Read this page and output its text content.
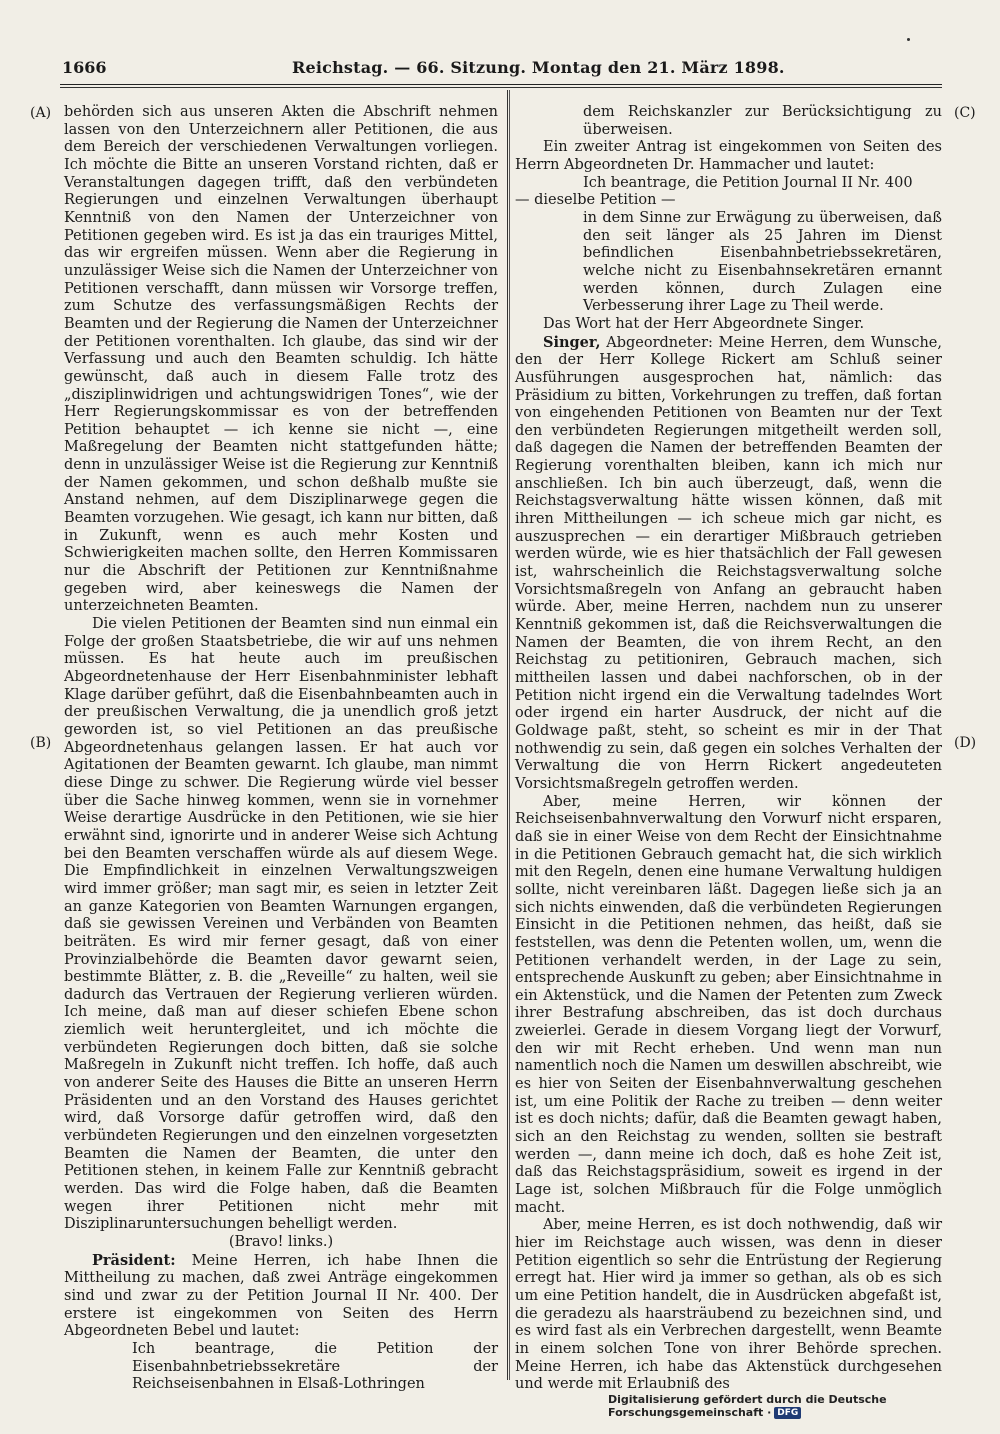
1666	Reichstag. — 66. Sitzung. Montag den 21. März 1898.
(A)
(B)
(C)
(D)

behörden sich aus unseren Akten die Abschrift nehmen lassen von den Unterzeichnern aller Petitionen, die aus dem Bereich der verschiedenen Verwaltungen vorliegen. Ich möchte die Bitte an unseren Vorstand richten, daß er Veranstaltungen dagegen trifft, daß den verbündeten Regierungen und einzelnen Verwaltungen überhaupt Kenntniß von den Namen der Unterzeichner von Petitionen gegeben wird. Es ist ja das ein trauriges Mittel, das wir ergreifen müssen. Wenn aber die Regierung in unzulässiger Weise sich die Namen der Unterzeichner von Petitionen verschafft, dann müssen wir Vorsorge treffen, zum Schutze des verfassungsmäßigen Rechts der Beamten und der Regierung die Namen der Unterzeichner der Petitionen vorenthalten. Ich glaube, das sind wir der Verfassung und auch den Beamten schuldig. Ich hätte gewünscht, daß auch in diesem Falle trotz des „disziplinwidrigen und achtungswidrigen Tones“, wie der Herr Regierungskommissar es von der betreffenden Petition behauptet — ich kenne sie nicht —, eine Maßregelung der Beamten nicht stattgefunden hätte; denn in unzulässiger Weise ist die Regierung zur Kenntniß der Namen gekommen, und schon deßhalb mußte sie Anstand nehmen, auf dem Disziplinarwege gegen die Beamten vorzugehen. Wie gesagt, ich kann nur bitten, daß in Zukunft, wenn es auch mehr Kosten und Schwierigkeiten machen sollte, den Herren Kommissaren nur die Abschrift der Petitionen zur Kenntnißnahme gegeben wird, aber keineswegs die Namen der unterzeichneten Beamten.

Die vielen Petitionen der Beamten sind nun einmal ein Folge der großen Staatsbetriebe, die wir auf uns nehmen müssen. Es hat heute auch im preußischen Abgeordnetenhause der Herr Eisenbahnminister lebhaft Klage darüber geführt, daß die Eisenbahnbeamten auch in der preußischen Verwaltung, die ja unendlich groß jetzt geworden ist, so viel Petitionen an das preußische Abgeordnetenhaus gelangen lassen. Er hat auch vor Agitationen der Beamten gewarnt. Ich glaube, man nimmt diese Dinge zu schwer. Die Regierung würde viel besser über die Sache hinweg kommen, wenn sie in vornehmer Weise derartige Ausdrücke in den Petitionen, wie sie hier erwähnt sind, ignorirte und in anderer Weise sich Achtung bei den Beamten verschaffen würde als auf diesem Wege. Die Empfindlichkeit in einzelnen Verwaltungszweigen wird immer größer; man sagt mir, es seien in letzter Zeit an ganze Kategorien von Beamten Warnungen ergangen, daß sie gewissen Vereinen und Verbänden von Beamten beiträten. Es wird mir ferner gesagt, daß von einer Provinzialbehörde die Beamten davor gewarnt seien, bestimmte Blätter, z. B. die „Reveille“ zu halten, weil sie dadurch das Vertrauen der Regierung verlieren würden. Ich meine, daß man auf dieser schiefen Ebene schon ziemlich weit heruntergleitet, und ich möchte die verbündeten Regierungen doch bitten, daß sie solche Maßregeln in Zukunft nicht treffen. Ich hoffe, daß auch von anderer Seite des Hauses die Bitte an unseren Herrn Präsidenten und an den Vorstand des Hauses gerichtet wird, daß Vorsorge dafür getroffen wird, daß den verbündeten Regierungen und den einzelnen vorgesetzten Beamten die Namen der Beamten, die unter den Petitionen stehen, in keinem Falle zur Kenntniß gebracht werden. Das wird die Folge haben, daß die Beamten wegen ihrer Petitionen nicht mehr mit Disziplinaruntersuchungen behelligt werden.

(Bravo! links.)

Präsident: Meine Herren, ich habe Ihnen die Mittheilung zu machen, daß zwei Anträge eingekommen sind und zwar zu der Petition Journal II Nr. 400. Der erstere ist eingekommen von Seiten des Herrn Abgeordneten Bebel und lautet:

Ich beantrage, die Petition der Eisenbahnbetriebssekretäre der Reichseisenbahnen in Elsaß-Lothringen

dem Reichskanzler zur Berücksichtigung zu überweisen.

Ein zweiter Antrag ist eingekommen von Seiten des Herrn Abgeordneten Dr. Hammacher und lautet:

Ich beantrage, die Petition Journal II Nr. 400

— dieselbe Petition —

in dem Sinne zur Erwägung zu überweisen, daß den seit länger als 25 Jahren im Dienst befindlichen Eisenbahnbetriebssekretären, welche nicht zu Eisenbahnsekretären ernannt werden können, durch Zulagen eine Verbesserung ihrer Lage zu Theil werde.

Das Wort hat der Herr Abgeordnete Singer.

Singer, Abgeordneter: Meine Herren, dem Wunsche, den der Herr Kollege Rickert am Schluß seiner Ausführungen ausgesprochen hat, nämlich: das Präsidium zu bitten, Vorkehrungen zu treffen, daß fortan von eingehenden Petitionen von Beamten nur der Text den verbündeten Regierungen mitgetheilt werden soll, daß dagegen die Namen der betreffenden Beamten der Regierung vorenthalten bleiben, kann ich mich nur anschließen. Ich bin auch überzeugt, daß, wenn die Reichstagsverwaltung hätte wissen können, daß mit ihren Mittheilungen — ich scheue mich gar nicht, es auszusprechen — ein derartiger Mißbrauch getrieben werden würde, wie es hier thatsächlich der Fall gewesen ist, wahrscheinlich die Reichstagsverwaltung solche Vorsichtsmaßregeln von Anfang an gebraucht haben würde. Aber, meine Herren, nachdem nun zu unserer Kenntniß gekommen ist, daß die Reichsverwaltungen die Namen der Beamten, die von ihrem Recht, an den Reichstag zu petitioniren, Gebrauch machen, sich mittheilen lassen und dabei nachforschen, ob in der Petition nicht irgend ein die Verwaltung tadelndes Wort oder irgend ein harter Ausdruck, der nicht auf die Goldwage paßt, steht, so scheint es mir in der That nothwendig zu sein, daß gegen ein solches Verhalten der Verwaltung die von Herrn Rickert angedeuteten Vorsichtsmaßregeln getroffen werden.

Aber, meine Herren, wir können der Reichseisenbahnverwaltung den Vorwurf nicht ersparen, daß sie in einer Weise von dem Recht der Einsichtnahme in die Petitionen Gebrauch gemacht hat, die sich wirklich mit den Regeln, denen eine humane Verwaltung huldigen sollte, nicht vereinbaren läßt. Dagegen ließe sich ja an sich nichts einwenden, daß die verbündeten Regierungen Einsicht in die Petitionen nehmen, das heißt, daß sie feststellen, was denn die Petenten wollen, um, wenn die Petitionen verhandelt werden, in der Lage zu sein, entsprechende Auskunft zu geben; aber Einsichtnahme in ein Aktenstück, und die Namen der Petenten zum Zweck ihrer Bestrafung abschreiben, das ist doch durchaus zweierlei. Gerade in diesem Vorgang liegt der Vorwurf, den wir mit Recht erheben. Und wenn man nun namentlich noch die Namen um deswillen abschreibt, wie es hier von Seiten der Eisenbahnverwaltung geschehen ist, um eine Politik der Rache zu treiben — denn weiter ist es doch nichts; dafür, daß die Beamten gewagt haben, sich an den Reichstag zu wenden, sollten sie bestraft werden —, dann meine ich doch, daß es hohe Zeit ist, daß das Reichstagspräsidium, soweit es irgend in der Lage ist, solchen Mißbrauch für die Folge unmöglich macht.

Aber, meine Herren, es ist doch nothwendig, daß wir hier im Reichstage auch wissen, was denn in dieser Petition eigentlich so sehr die Entrüstung der Regierung erregt hat. Hier wird ja immer so gethan, als ob es sich um eine Petition handelt, die in Ausdrücken abgefaßt ist, die geradezu als haarsträubend zu bezeichnen sind, und es wird fast als ein Verbrechen dargestellt, wenn Beamte in einem solchen Tone von ihrer Behörde sprechen. Meine Herren, ich habe das Aktenstück durchgesehen und werde mit Erlaubniß des

Digitalisierung gefördert durch die Deutsche Forschungsgemeinschaft · DFG
